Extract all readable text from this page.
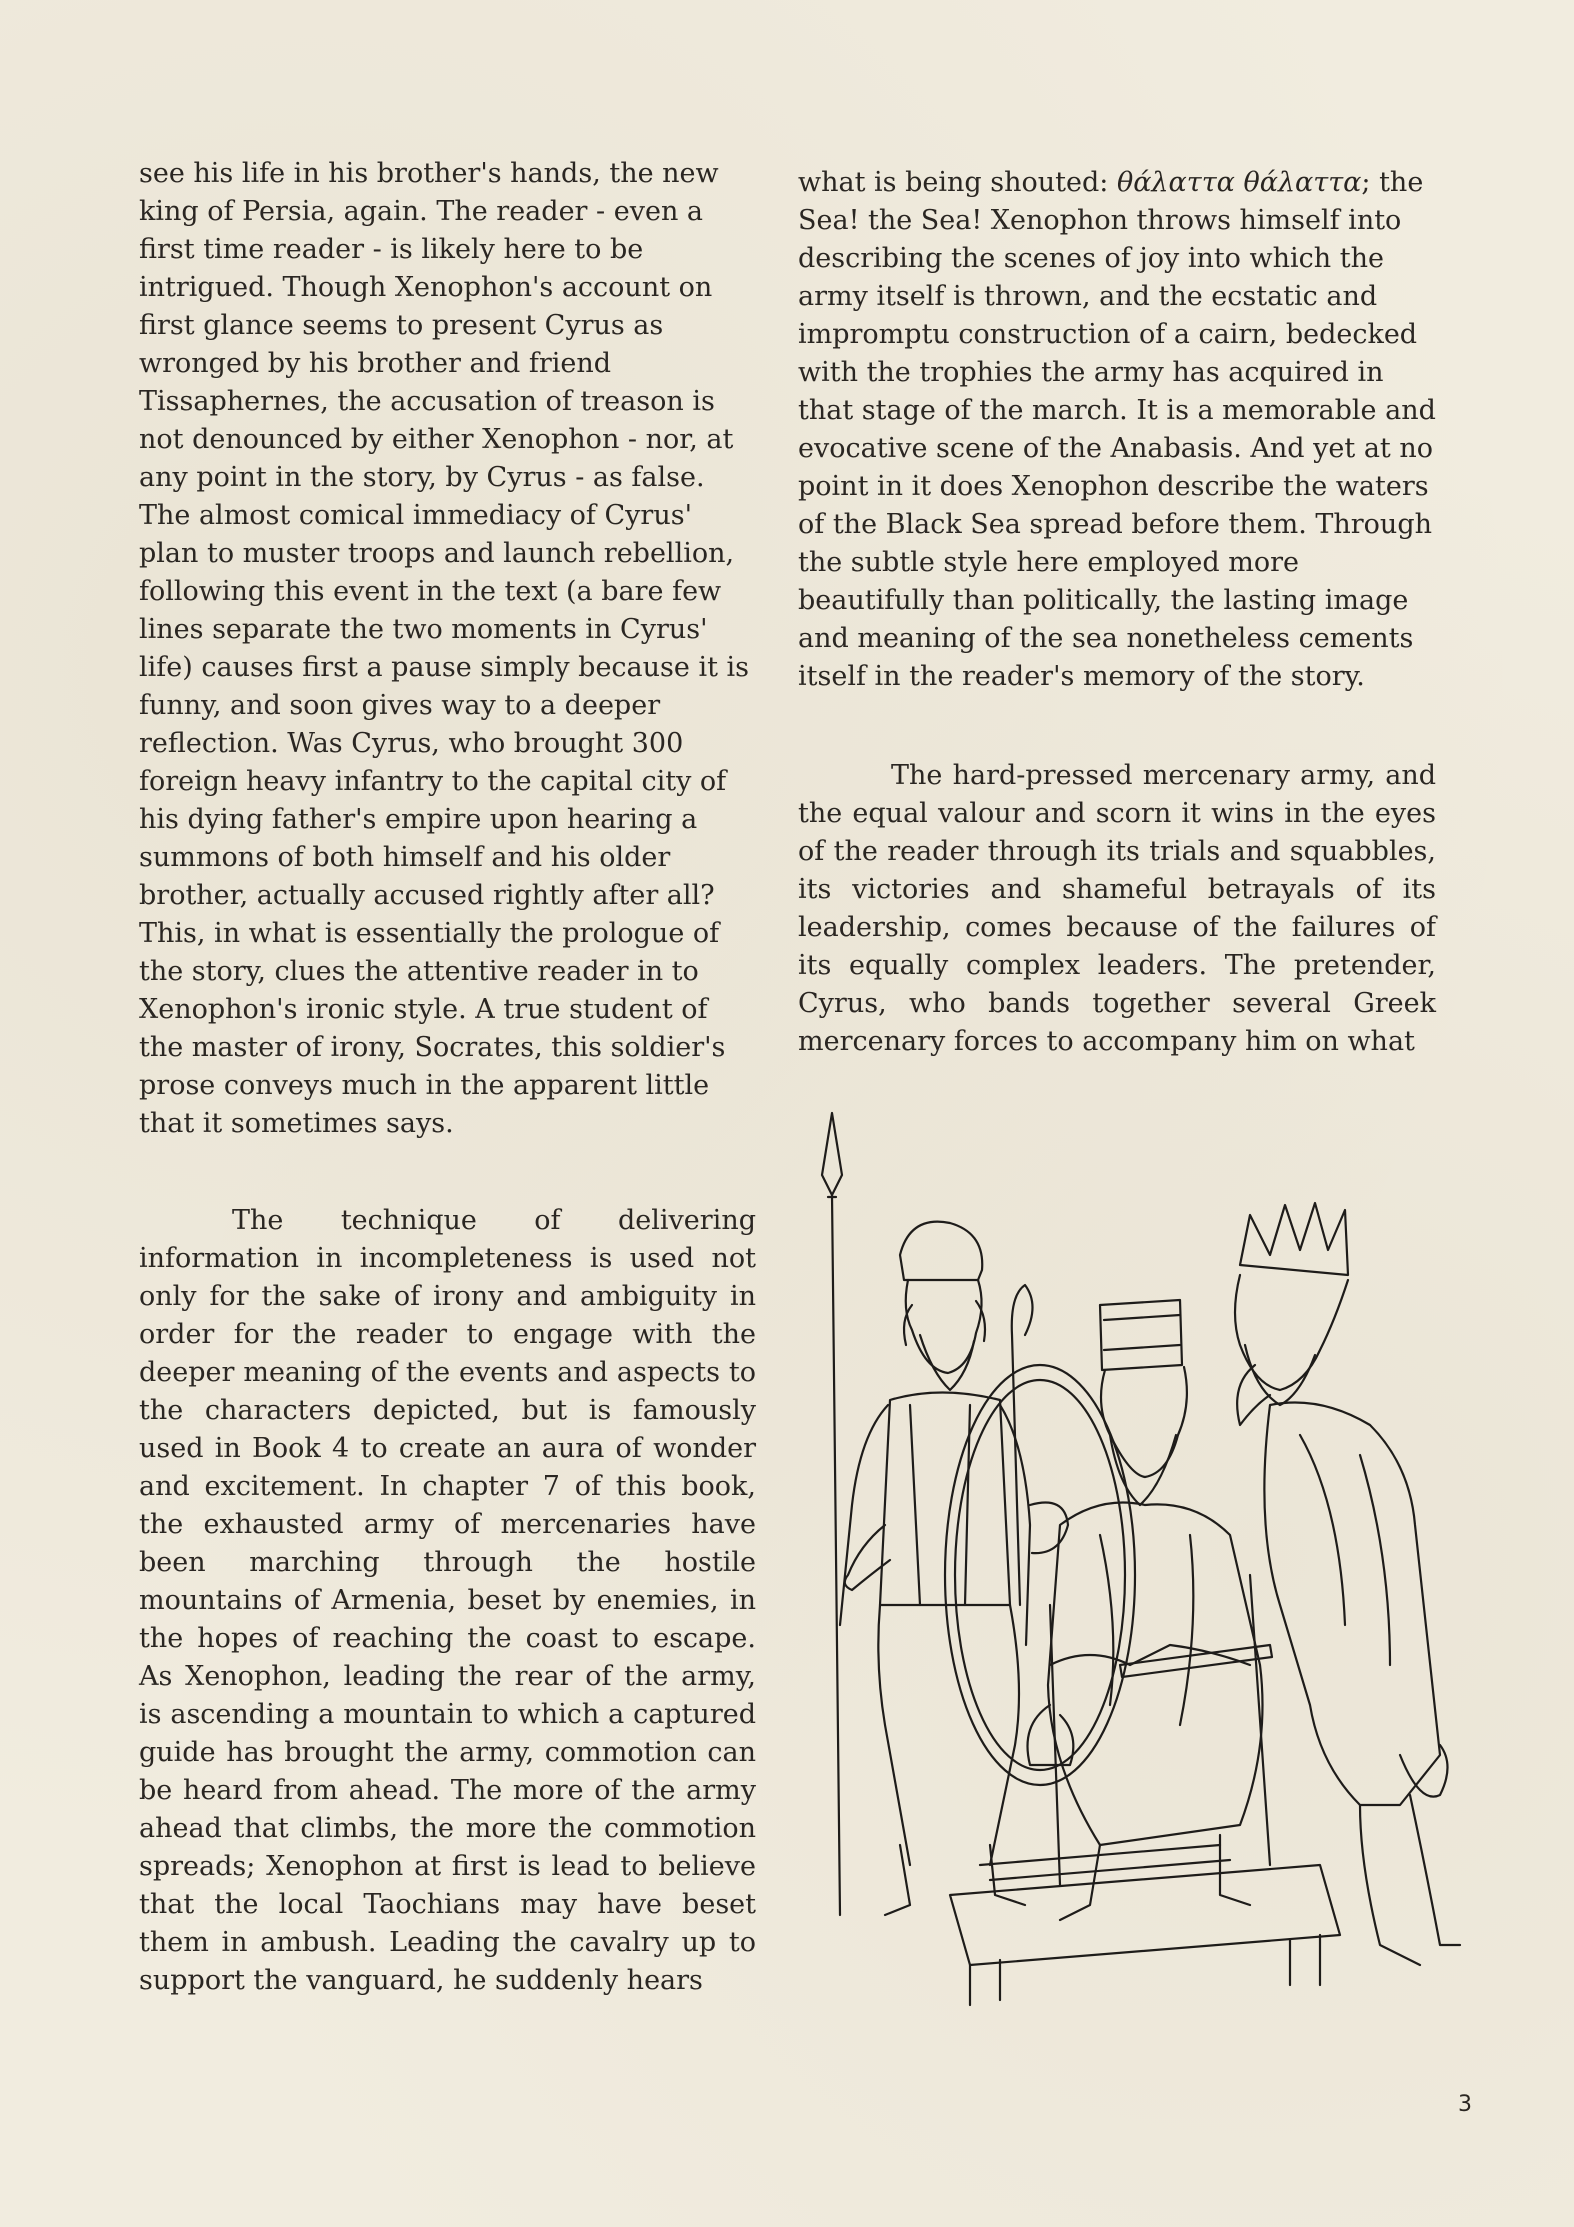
see his life in his brother's hands, the new king of Persia, again. The reader - even a first time reader - is likely here to be intrigued. Though Xenophon's account on first glance seems to present Cyrus as wronged by his brother and friend Tissaphernes, the accusation of treason is not denounced by either Xenophon - nor, at any point in the story, by Cyrus - as false. The almost comical immediacy of Cyrus' plan to muster troops and launch rebellion, following this event in the text (a bare few lines separate the two moments in Cyrus' life) causes first a pause simply because it is funny, and soon gives way to a deeper reflection. Was Cyrus, who brought 300 foreign heavy infantry to the capital city of his dying father's empire upon hearing a summons of both himself and his older brother, actually accused rightly after all? This, in what is essentially the prologue of the story, clues the attentive reader in to Xenophon's ironic style. A true student of the master of irony, Socrates, this soldier's prose conveys much in the apparent little that it sometimes says.

The technique of delivering information in incompleteness is used not only for the sake of irony and ambiguity in order for the reader to engage with the deeper meaning of the events and aspects to the characters depicted, but is famously used in Book 4 to create an aura of wonder and excitement. In chapter 7 of this book, the exhausted army of mercenaries have been marching through the hostile mountains of Armenia, beset by enemies, in the hopes of reaching the coast to escape. As Xenophon, leading the rear of the army, is ascending a mountain to which a captured guide has brought the army, commotion can be heard from ahead. The more of the army ahead that climbs, the more the commotion spreads; Xenophon at first is lead to believe that the local Taochians may have beset them in ambush. Leading the cavalry up to support the vanguard, he suddenly hears

what is being shouted: θάλαττα θάλαττα; the Sea! the Sea! Xenophon throws himself into describing the scenes of joy into which the army itself is thrown, and the ecstatic and impromptu construction of a cairn, bedecked with the trophies the army has acquired in that stage of the march. It is a memorable and evocative scene of the Anabasis. And yet at no point in it does Xenophon describe the waters of the Black Sea spread before them. Through the subtle style here employed more beautifully than politically, the lasting image and meaning of the sea nonetheless cements itself in the reader's memory of the story.

The hard-pressed mercenary army, and the equal valour and scorn it wins in the eyes of the reader through its trials and squabbles, its victories and shameful betrayals of its leadership, comes because of the failures of its equally complex leaders. The pretender, Cyrus, who bands together several Greek mercenary forces to accompany him on what

3
